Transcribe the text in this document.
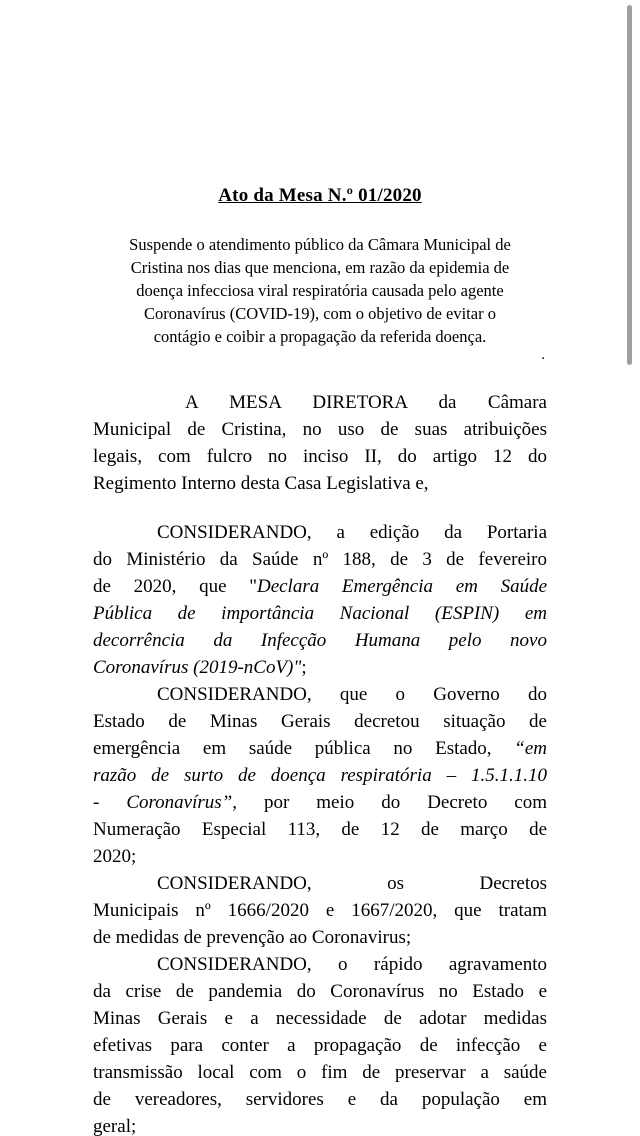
Ato da Mesa N.º 01/2020
Suspende o atendimento público da Câmara Municipal de
Cristina nos dias que menciona, em razão da epidemia de
doença infecciosa viral respiratória causada pelo agente
Coronavírus (COVID-19), com o objetivo de evitar o
contágio e coibir a propagação da referida doença.
.
A MESA DIRETORA da Câmara
Municipal de Cristina, no uso de suas atribuições
legais, com fulcro no inciso II, do artigo 12 do
Regimento Interno desta Casa Legislativa e,
CONSIDERANDO, a edição da Portaria
do Ministério da Saúde nº 188, de 3 de fevereiro
de 2020, que "Declara Emergência em Saúde
Pública de importância Nacional (ESPIN) em
decorrência da Infecção Humana pelo novo
Coronavírus (2019-nCoV)";
CONSIDERANDO, que o Governo do
Estado de Minas Gerais decretou situação de
emergência em saúde pública no Estado, “em
razão de surto de doença respiratória – 1.5.1.1.10
- Coronavírus”, por meio do Decreto com
Numeração Especial 113, de 12 de março de
2020;
CONSIDERANDO, os Decretos
Municipais nº 1666/2020 e 1667/2020, que tratam
de medidas de prevenção ao Coronavirus;
CONSIDERANDO, o rápido agravamento
da crise de pandemia do Coronavírus no Estado e
Minas Gerais e a necessidade de adotar medidas
efetivas para conter a propagação de infecção e
transmissão local com o fim de preservar a saúde
de vereadores, servidores e da população em
geral;
